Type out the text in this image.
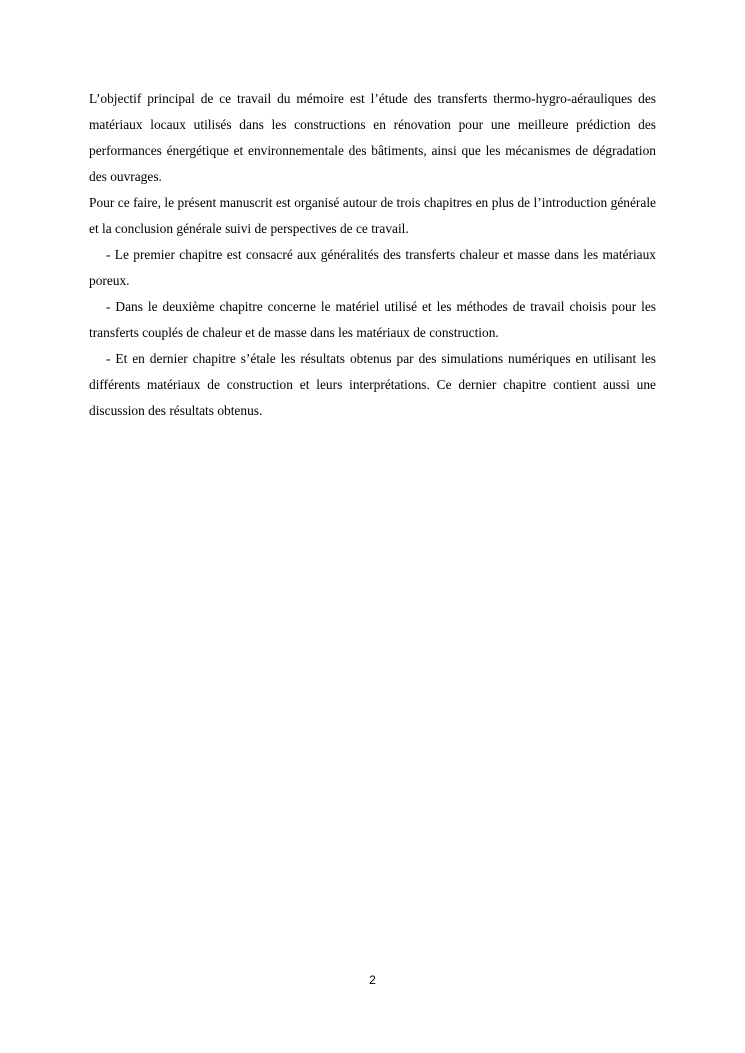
L’objectif principal de ce travail du mémoire est l’étude des transferts thermo-hygro-aérauliques des matériaux locaux utilisés dans les constructions en rénovation pour une meilleure prédiction des performances énergétique et environnementale des bâtiments, ainsi que les mécanismes de dégradation des ouvrages.

Pour ce faire, le présent manuscrit est organisé autour de trois chapitres en plus de l’introduction générale et la conclusion générale suivi de perspectives de ce travail.

- Le premier chapitre est consacré aux généralités des transferts chaleur et masse dans les matériaux poreux.

- Dans le deuxième chapitre concerne le matériel utilisé et les méthodes de travail choisis pour les transferts couplés de chaleur et de masse dans les matériaux de construction.

- Et en dernier chapitre s’étale les résultats obtenus par des simulations numériques en utilisant les différents matériaux de construction et leurs interprétations. Ce dernier chapitre contient aussi une discussion des résultats obtenus.

2
